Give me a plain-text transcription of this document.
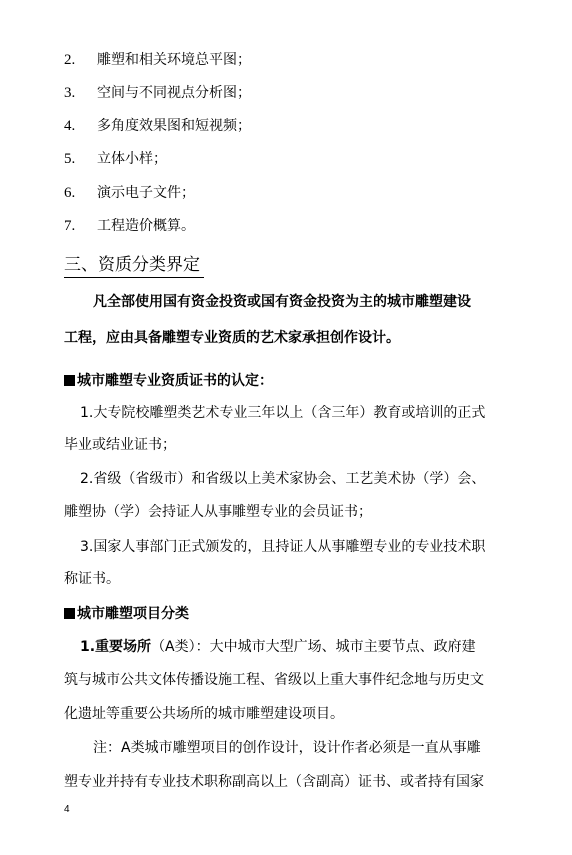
2. 雕塑和相关环境总平图；
3. 空间与不同视点分析图；
4. 多角度效果图和短视频；
5. 立体小样；
6. 演示电子文件；
7. 工程造价概算。
三、资质分类界定
凡全部使用国有资金投资或国有资金投资为主的城市雕塑建设
工程，应由具备雕塑专业资质的艺术家承担创作设计。
城市雕塑专业资质证书的认定：
1.大专院校雕塑类艺术专业三年以上（含三年）教育或培训的正式
毕业或结业证书；
2.省级（省级市）和省级以上美术家协会、工艺美术协（学）会、
雕塑协（学）会持证人从事雕塑专业的会员证书；
3.国家人事部门正式颁发的，且持证人从事雕塑专业的专业技术职
称证书。
城市雕塑项目分类
1.重要场所（A类）：大中城市大型广场、城市主要节点、政府建
筑与城市公共文体传播设施工程、省级以上重大事件纪念地与历史文
化遗址等重要公共场所的城市雕塑建设项目。
注：A类城市雕塑项目的创作设计，设计作者必须是一直从事雕
塑专业并持有专业技术职称副高以上（含副高）证书、或者持有国家
4
